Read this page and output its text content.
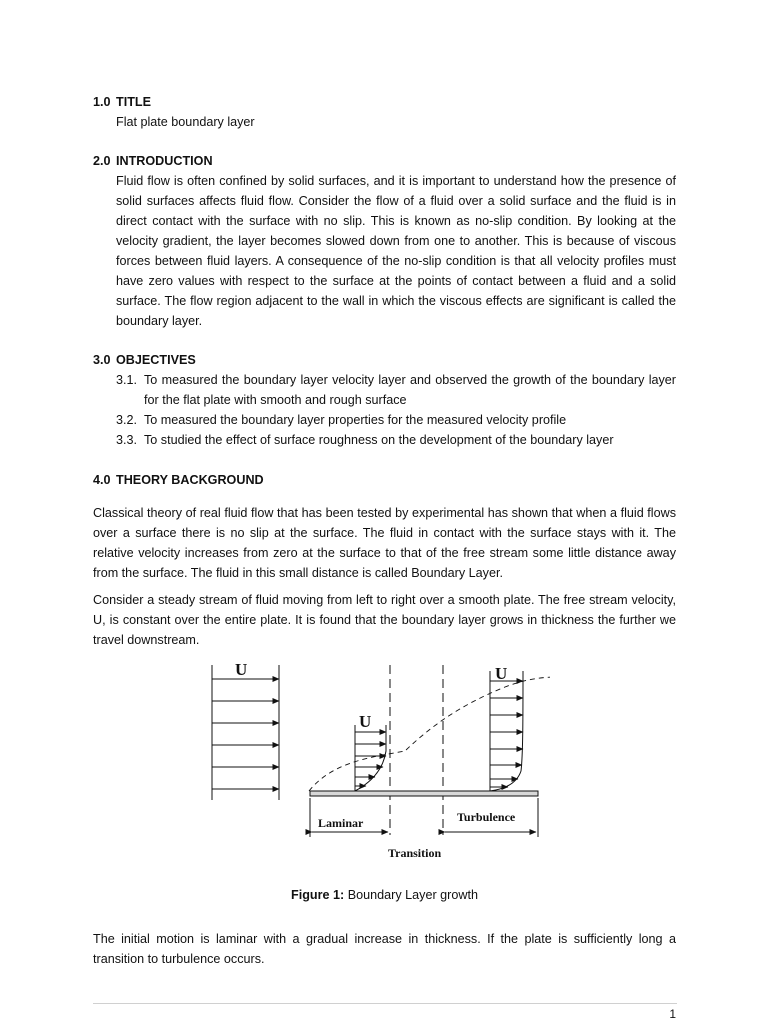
1.0 TITLE
Flat plate boundary layer
2.0 INTRODUCTION
Fluid flow is often confined by solid surfaces, and it is important to understand how the presence of solid surfaces affects fluid flow. Consider the flow of a fluid over a solid surface and the fluid is in direct contact with the surface with no slip. This is known as no-slip condition. By looking at the velocity gradient, the layer becomes slowed down from one to another. This is because of viscous forces between fluid layers. A consequence of the no-slip condition is that all velocity profiles must have zero values with respect to the surface at the points of contact between a fluid and a solid surface. The flow region adjacent to the wall in which the viscous effects are significant is called the boundary layer.
3.0 OBJECTIVES
3.1. To measured the boundary layer velocity layer and observed the growth of the boundary layer for the flat plate with smooth and rough surface
3.2. To measured the boundary layer properties for the measured velocity profile
3.3. To studied the effect of surface roughness on the development of the boundary layer
4.0 THEORY BACKGROUND
Classical theory of real fluid flow that has been tested by experimental has shown that when a fluid flows over a surface there is no slip at the surface. The fluid in contact with the surface stays with it. The relative velocity increases from zero at the surface to that of the free stream some little distance away from the surface. The fluid in this small distance is called Boundary Layer.
Consider a steady stream of fluid moving from left to right over a smooth plate. The free stream velocity, U, is constant over the entire plate. It is found that the boundary layer grows in thickness the further we travel downstream.
U
U
U
Laminar	Turbulence
Transition
Figure 1: Boundary Layer growth
The initial motion is laminar with a gradual increase in thickness. If the plate is sufficiently long a transition to turbulence occurs.
1
